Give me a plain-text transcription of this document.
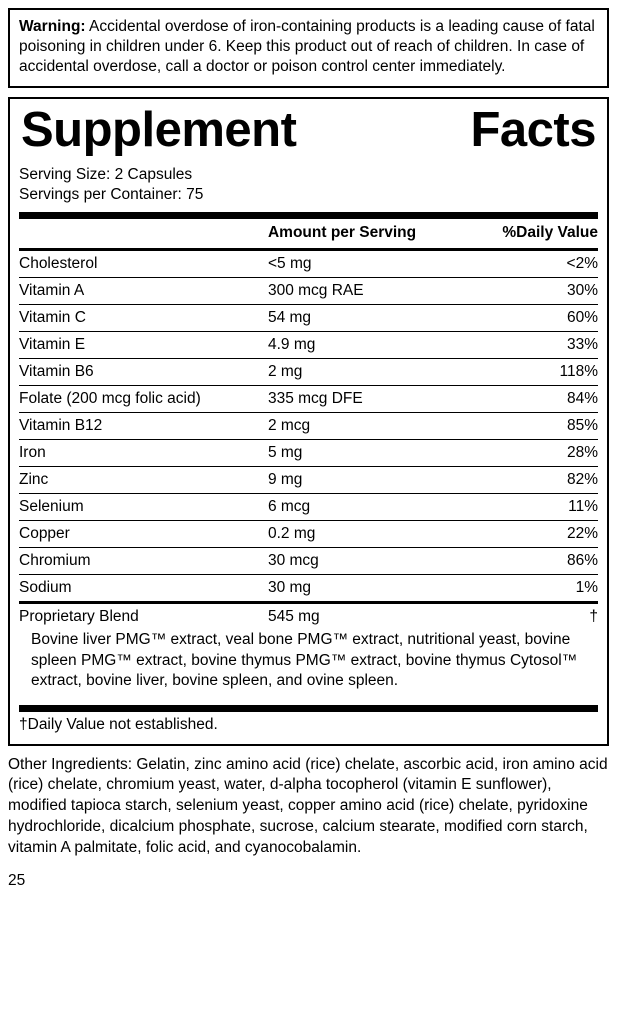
Warning: Accidental overdose of iron-containing products is a leading cause of fatal poisoning in children under 6. Keep this product out of reach of children. In case of accidental overdose, call a doctor or poison control center immediately.
Supplement	Facts
Serving Size: 2 Capsules
Servings per Container: 75
	Amount per Serving	%Daily Value
Cholesterol	<5 mg	<2%
Vitamin A	300 mcg RAE	30%
Vitamin C	54 mg	60%
Vitamin E	4.9 mg	33%
Vitamin B6	2 mg	118%
Folate (200 mcg folic acid)	335 mcg DFE	84%
Vitamin B12	2 mcg	85%
Iron	5 mg	28%
Zinc	9 mg	82%
Selenium	6 mcg	11%
Copper	0.2 mg	22%
Chromium	30 mcg	86%
Sodium	30 mg	1%
Proprietary Blend	545 mg	†
Bovine liver PMG™ extract, veal bone PMG™ extract, nutritional yeast, bovine spleen PMG™ extract, bovine thymus PMG™ extract, bovine thymus Cytosol™ extract, bovine liver, bovine spleen, and ovine spleen.
†Daily Value not established.
Other Ingredients: Gelatin, zinc amino acid (rice) chelate, ascorbic acid, iron amino acid (rice) chelate, chromium yeast, water, d-alpha tocopherol (vitamin E sunflower), modified tapioca starch, selenium yeast, copper amino acid (rice) chelate, pyridoxine hydrochloride, dicalcium phosphate, sucrose, calcium stearate, modified corn starch, vitamin A palmitate, folic acid, and cyanocobalamin.
25
